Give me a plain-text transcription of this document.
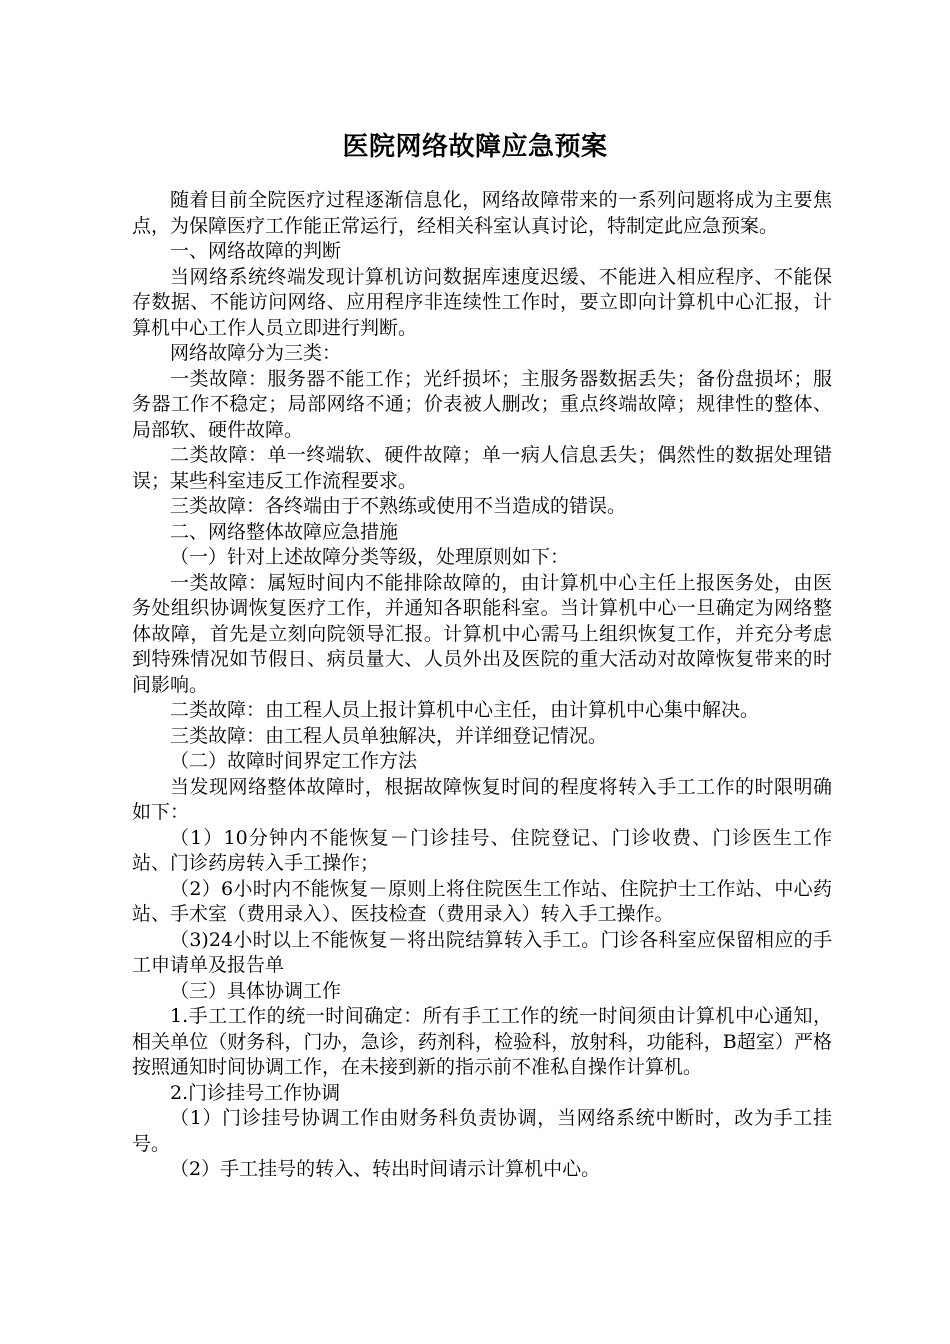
医院网络故障应急预案

随着目前全院医疗过程逐渐信息化，网络故障带来的一系列问题将成为主要焦点，为保障医疗工作能正常运行，经相关科室认真讨论，特制定此应急预案。

一、网络故障的判断

当网络系统终端发现计算机访问数据库速度迟缓、不能进入相应程序、不能保存数据、不能访问网络、应用程序非连续性工作时，要立即向计算机中心汇报，计算机中心工作人员立即进行判断。

网络故障分为三类：

一类故障：服务器不能工作；光纤损坏；主服务器数据丢失；备份盘损坏；服务器工作不稳定；局部网络不通；价表被人删改；重点终端故障；规律性的整体、局部软、硬件故障。

二类故障：单一终端软、硬件故障；单一病人信息丢失；偶然性的数据处理错误；某些科室违反工作流程要求。

三类故障：各终端由于不熟练或使用不当造成的错误。

二、网络整体故障应急措施

（一）针对上述故障分类等级，处理原则如下：

一类故障：属短时间内不能排除故障的，由计算机中心主任上报医务处，由医务处组织协调恢复医疗工作，并通知各职能科室。当计算机中心一旦确定为网络整体故障，首先是立刻向院领导汇报。计算机中心需马上组织恢复工作，并充分考虑到特殊情况如节假日、病员量大、人员外出及医院的重大活动对故障恢复带来的时间影响。

二类故障：由工程人员上报计算机中心主任，由计算机中心集中解决。

三类故障：由工程人员单独解决，并详细登记情况。

（二）故障时间界定工作方法

当发现网络整体故障时，根据故障恢复时间的程度将转入手工工作的时限明确如下：

（1）10分钟内不能恢复－门诊挂号、住院登记、门诊收费、门诊医生工作站、门诊药房转入手工操作；

（2）6小时内不能恢复－原则上将住院医生工作站、住院护士工作站、中心药站、手术室（费用录入）、医技检查（费用录入）转入手工操作。

（3)24小时以上不能恢复－将出院结算转入手工。门诊各科室应保留相应的手工申请单及报告单

（三）具体协调工作

1.手工工作的统一时间确定：所有手工工作的统一时间须由计算机中心通知，相关单位（财务科，门办，急诊，药剂科，检验科，放射科，功能科，B超室）严格按照通知时间协调工作，在未接到新的指示前不准私自操作计算机。

2.门诊挂号工作协调

（1）门诊挂号协调工作由财务科负责协调，当网络系统中断时，改为手工挂号。

（2）手工挂号的转入、转出时间请示计算机中心。
